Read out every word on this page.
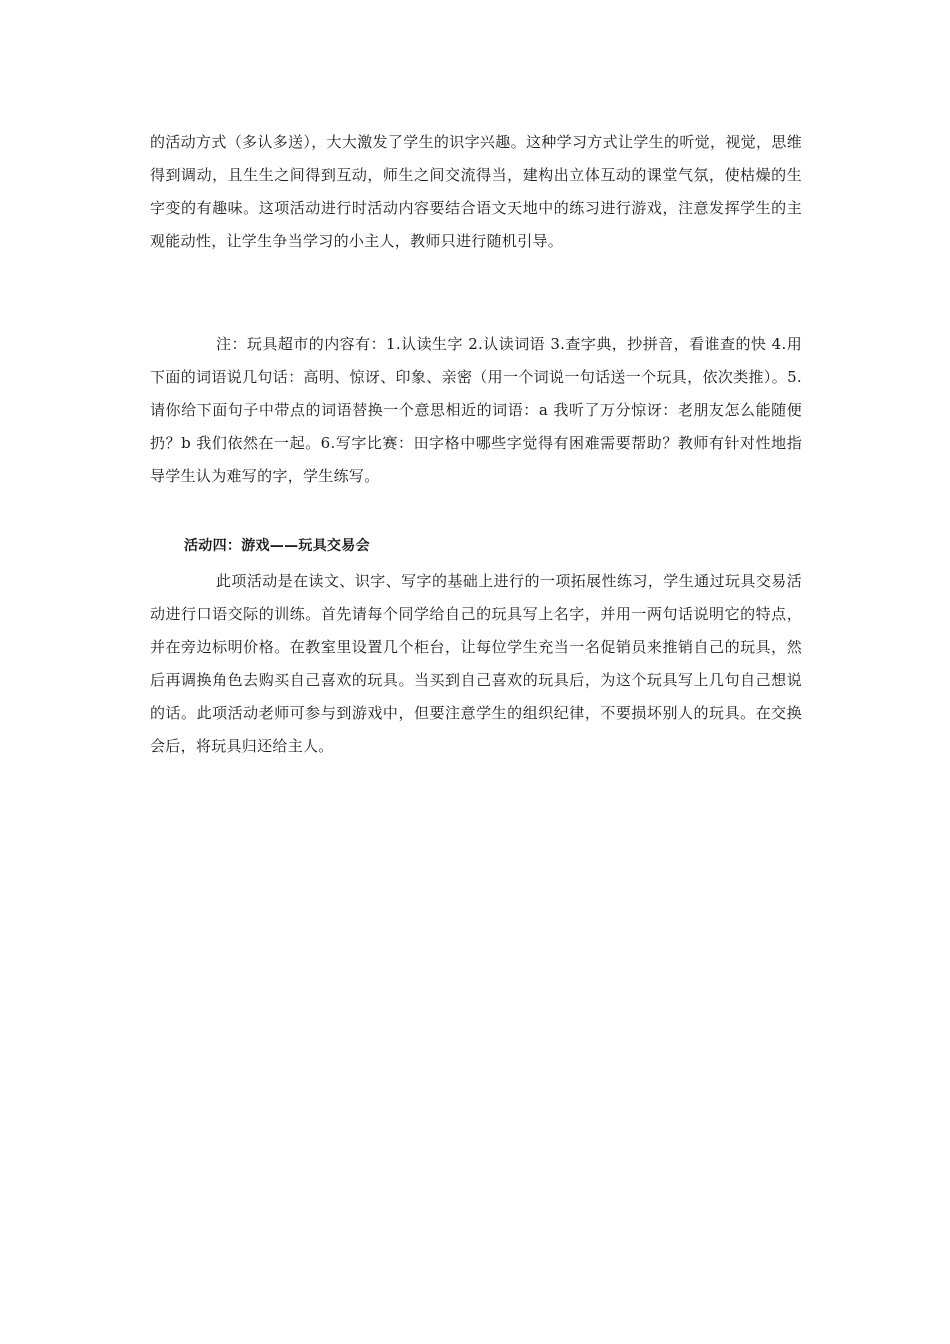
的活动方式（多认多送），大大激发了学生的识字兴趣。这种学习方式让学生的听觉，视觉，思维得到调动，且生生之间得到互动，师生之间交流得当，建构出立体互动的课堂气氛，使枯燥的生字变的有趣味。这项活动进行时活动内容要结合语文天地中的练习进行游戏，注意发挥学生的主观能动性，让学生争当学习的小主人，教师只进行随机引导。

注：玩具超市的内容有：1.认读生字 2.认读词语 3.查字典，抄拼音，看谁查的快 4.用下面的词语说几句话：高明、惊讶、印象、亲密（用一个词说一句话送一个玩具，依次类推）。5.请你给下面句子中带点的词语替换一个意思相近的词语：a 我听了万分惊讶：老朋友怎么能随便扔？b 我们依然在一起。6.写字比赛：田字格中哪些字觉得有困难需要帮助？教师有针对性地指导学生认为难写的字，学生练写。

活动四：游戏——玩具交易会

此项活动是在读文、识字、写字的基础上进行的一项拓展性练习，学生通过玩具交易活动进行口语交际的训练。首先请每个同学给自己的玩具写上名字，并用一两句话说明它的特点，并在旁边标明价格。在教室里设置几个柜台，让每位学生充当一名促销员来推销自己的玩具，然后再调换角色去购买自己喜欢的玩具。当买到自己喜欢的玩具后，为这个玩具写上几句自己想说的话。此项活动老师可参与到游戏中，但要注意学生的组织纪律，不要损坏别人的玩具。在交换会后，将玩具归还给主人。
